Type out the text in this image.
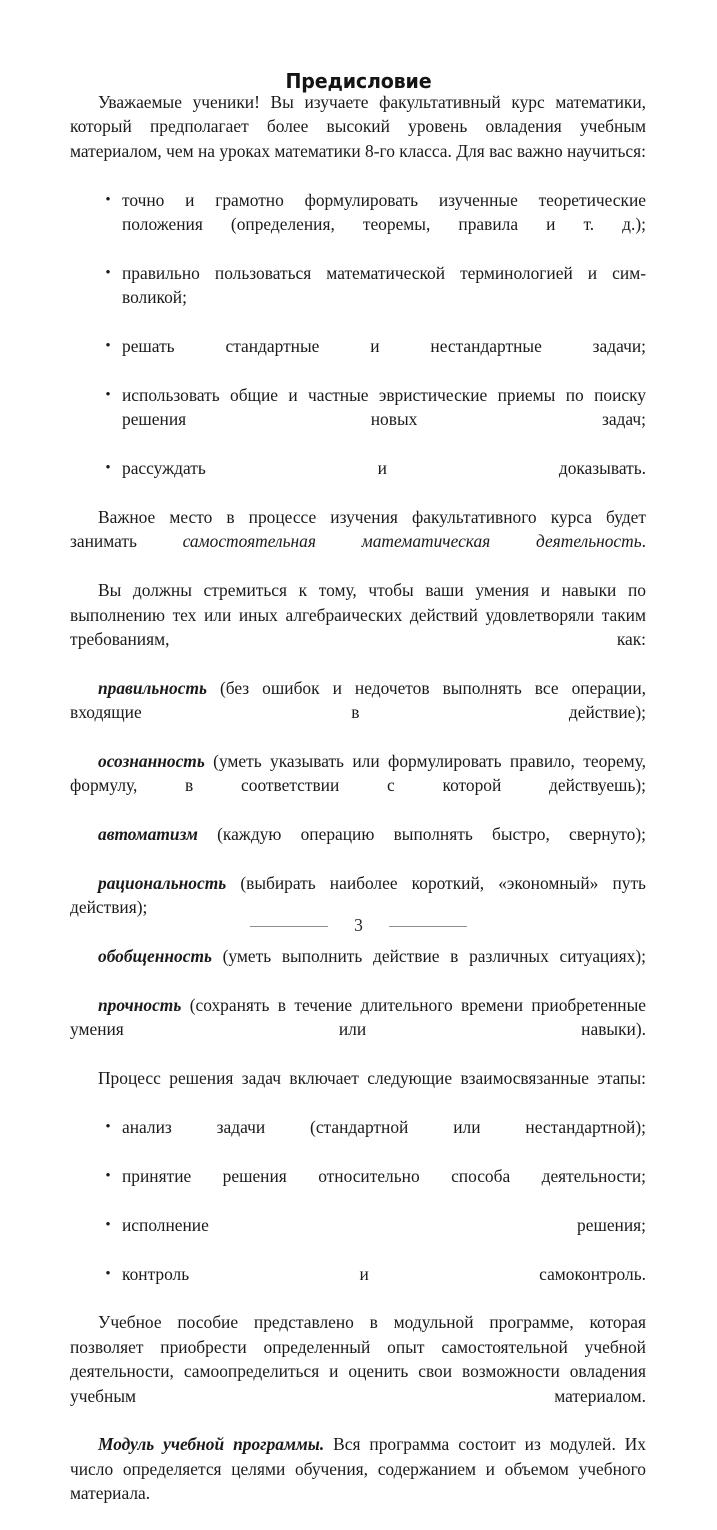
Предисловие

Уважаемые ученики! Вы изучаете факультативный курс математики, который предполагает более высокий уровень овладения учебным материалом, чем на уроках математики 8-го класса. Для вас важно научиться:

• точно и грамотно формулировать изученные теоретические положения (определения, теоремы, правила и т. д.);
• правильно пользоваться математической терминологией и символикой;
• решать стандартные и нестандартные задачи;
• использовать общие и частные эвристические приемы по поиску решения новых задач;
• рассуждать и доказывать.

Важное место в процессе изучения факультативного курса будет занимать самостоятельная математическая деятельность.

Вы должны стремиться к тому, чтобы ваши умения и навыки по выполнению тех или иных алгебраических действий удовлетворяли таким требованиям, как:

правильность (без ошибок и недочетов выполнять все операции, входящие в действие);

осознанность (уметь указывать или формулировать правило, теорему, формулу, в соответствии с которой действуешь);

автоматизм (каждую операцию выполнять быстро, свернуто);

рациональность (выбирать наиболее короткий, «экономный» путь действия);

обобщенность (уметь выполнить действие в различных ситуациях);

прочность (сохранять в течение длительного времени приобретенные умения или навыки).

Процесс решения задач включает следующие взаимосвязанные этапы:

• анализ задачи (стандартной или нестандартной);
• принятие решения относительно способа деятельности;
• исполнение решения;
• контроль и самоконтроль.

Учебное пособие представлено в модульной программе, которая позволяет приобрести определенный опыт самостоятельной учебной деятельности, самоопределиться и оценить свои возможности овладения учебным материалом.

Модуль учебной программы. Вся программа состоит из модулей. Их число определяется целями обучения, содержанием и объемом учебного материала.

3
